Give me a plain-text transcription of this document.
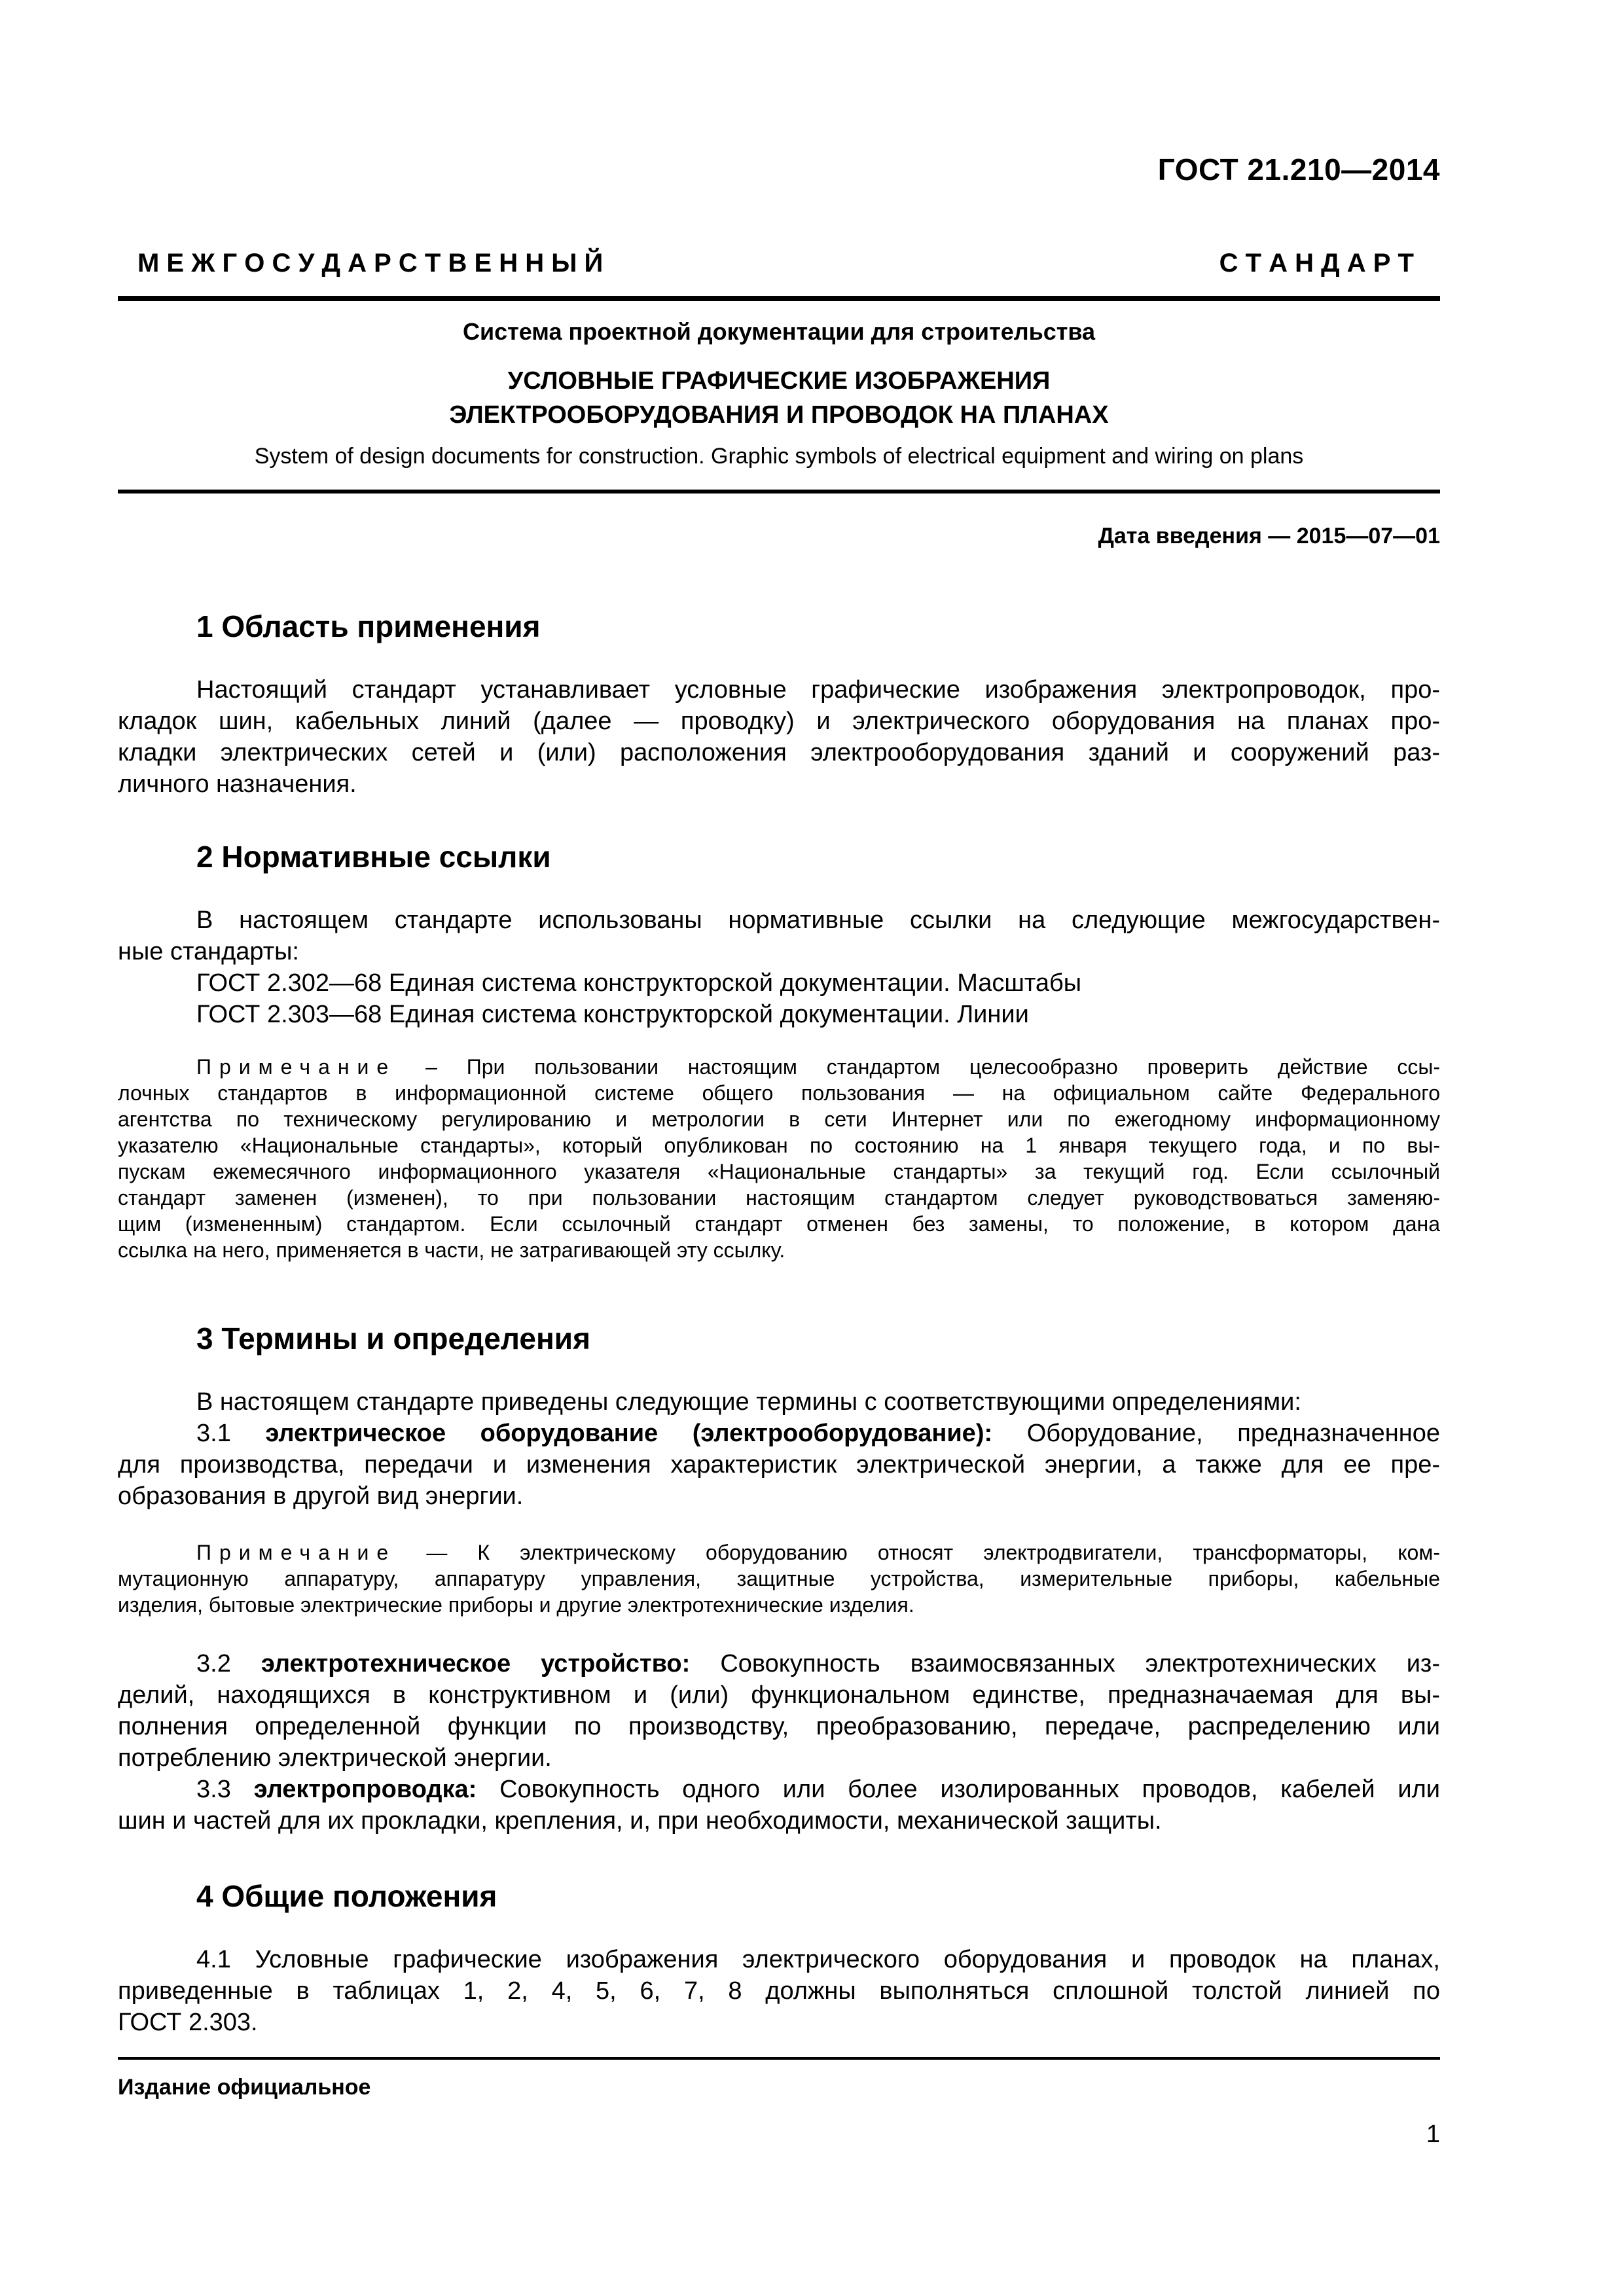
ГОСТ 21.210—2014
М Е Ж Г О С У Д А Р С Т В Е Н Н Ы Й	С Т А Н Д А Р Т
Система проектной документации для строительства
УСЛОВНЫЕ ГРАФИЧЕСКИЕ ИЗОБРАЖЕНИЯ
ЭЛЕКТРООБОРУДОВАНИЯ И ПРОВОДОК НА ПЛАНАХ
System of design documents for construction. Graphic symbols of electrical equipment and wiring on plans
Дата введения — 2015—07—01
1 Область применения
Настоящий стандарт устанавливает условные графические изображения электропроводок, про-
кладок шин, кабельных линий (далее — проводку) и электрического оборудования на планах про-
кладки электрических сетей и (или) расположения электрооборудования зданий и сооружений раз-
личного назначения.
2 Нормативные ссылки
В настоящем стандарте использованы нормативные ссылки на следующие межгосударствен-
ные стандарты:
ГОСТ 2.302—68 Единая система конструкторской документации. Масштабы
ГОСТ 2.303—68 Единая система конструкторской документации. Линии
Примечание – При пользовании настоящим стандартом целесообразно проверить действие ссы-
лочных стандартов в информационной системе общего пользования — на официальном сайте Федерального
агентства по техническому регулированию и метрологии в сети Интернет или по ежегодному информационному
указателю «Национальные стандарты», который опубликован по состоянию на 1 января текущего года, и по вы-
пускам ежемесячного информационного указателя «Национальные стандарты» за текущий год. Если ссылочный
стандарт заменен (изменен), то при пользовании настоящим стандартом следует руководствоваться заменяю-
щим (измененным) стандартом. Если ссылочный стандарт отменен без замены, то положение, в котором дана
ссылка на него, применяется в части, не затрагивающей эту ссылку.
3 Термины и определения
В настоящем стандарте приведены следующие термины с соответствующими определениями:
3.1 электрическое оборудование (электрооборудование): Оборудование, предназначенное
для производства, передачи и изменения характеристик электрической энергии, а также для ее пре-
образования в другой вид энергии.
Примечание — К электрическому оборудованию относят электродвигатели, трансформаторы, ком-
мутационную аппаратуру, аппаратуру управления, защитные устройства, измерительные приборы, кабельные
изделия, бытовые электрические приборы и другие электротехнические изделия.
3.2 электротехническое устройство: Совокупность взаимосвязанных электротехнических из-
делий, находящихся в конструктивном и (или) функциональном единстве, предназначаемая для вы-
полнения определенной функции по производству, преобразованию, передаче, распределению или
потреблению электрической энергии.
3.3 электропроводка: Совокупность одного или более изолированных проводов, кабелей или
шин и частей для их прокладки, крепления, и, при необходимости, механической защиты.
4 Общие положения
4.1 Условные графические изображения электрического оборудования и проводок на планах,
приведенные в таблицах 1, 2, 4, 5, 6, 7, 8 должны выполняться сплошной толстой линией по
ГОСТ 2.303.
Издание официальное
1
